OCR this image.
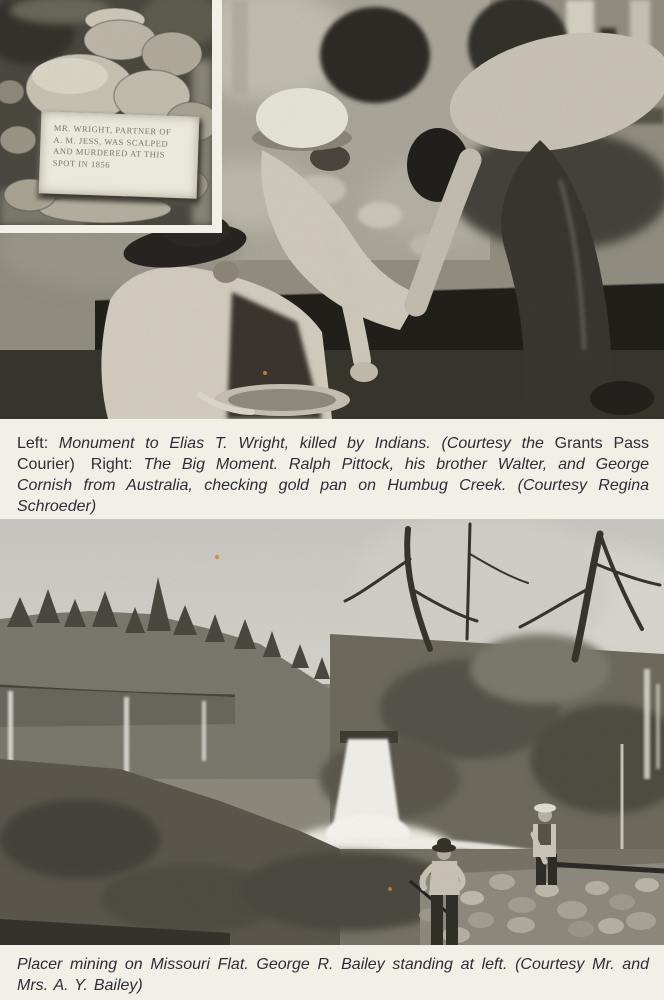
MR. WRIGHT, PARTNER OF
A. M. JESS, WAS SCALPED
AND MURDERED AT THIS
SPOT IN 1856

Left: Monument to Elias T. Wright, killed by Indians. (Courtesy the Grants Pass Courier) Right: The Big Moment. Ralph Pittock, his brother Walter, and George Cornish from Australia, checking gold pan on Humbug Creek. (Courtesy Regina Schroeder)

Placer mining on Missouri Flat. George R. Bailey standing at left. (Courtesy Mr. and Mrs. A. Y. Bailey)
